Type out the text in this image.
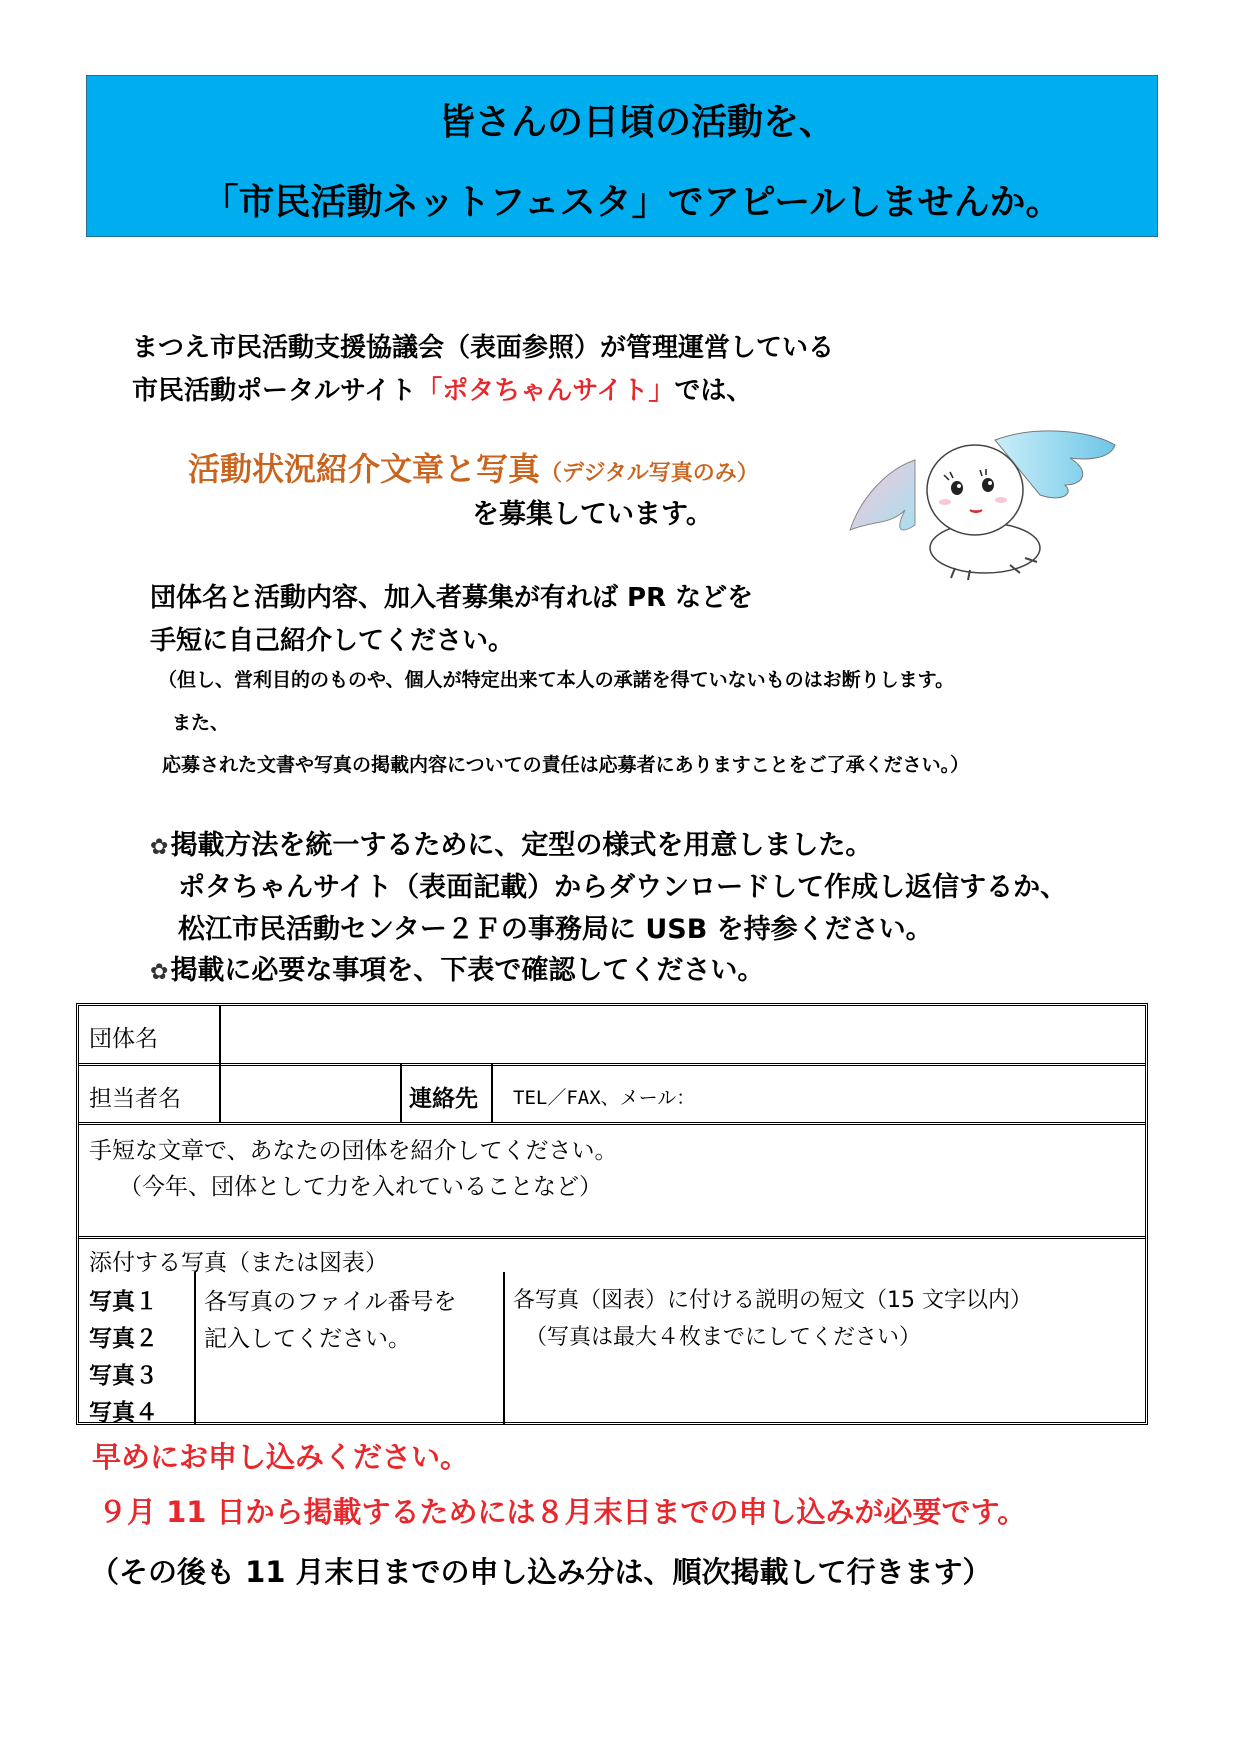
皆さんの日頃の活動を、
「市民活動ネットフェスタ」でアピールしませんか。
まつえ市民活動支援協議会（表面参照）が管理運営している
市民活動ポータルサイト「ポタちゃんサイト」では、
活動状況紹介文章と写真（デジタル写真のみ）
を募集しています。
団体名と活動内容、加入者募集が有れば PR などを
手短に自己紹介してください。
（但し、営利目的のものや、個人が特定出来て本人の承諾を得ていないものはお断りします。
また、
応募された文書や写真の掲載内容についての責任は応募者にありますことをご了承ください。）
✿掲載方法を統一するために、定型の様式を用意しました。
ポタちゃんサイト（表面記載）からダウンロードして作成し返信するか、
松江市民活動センター２Ｆの事務局に USB を持参ください。
✿掲載に必要な事項を、下表で確認してください。
団体名
担当者名	連絡先 TEL／FAX、メール：
手短な文章で、あなたの団体を紹介してください。
（今年、団体として力を入れていることなど）
添付する写真（または図表）
写真１
写真２
写真３
写真４
各写真のファイル番号を
記入してください。
各写真（図表）に付ける説明の短文（15 文字以内）
（写真は最大４枚までにしてください）
早めにお申し込みください。
９月 11 日から掲載するためには８月末日までの申し込みが必要です。
（その後も 11 月末日までの申し込み分は、順次掲載して行きます）
